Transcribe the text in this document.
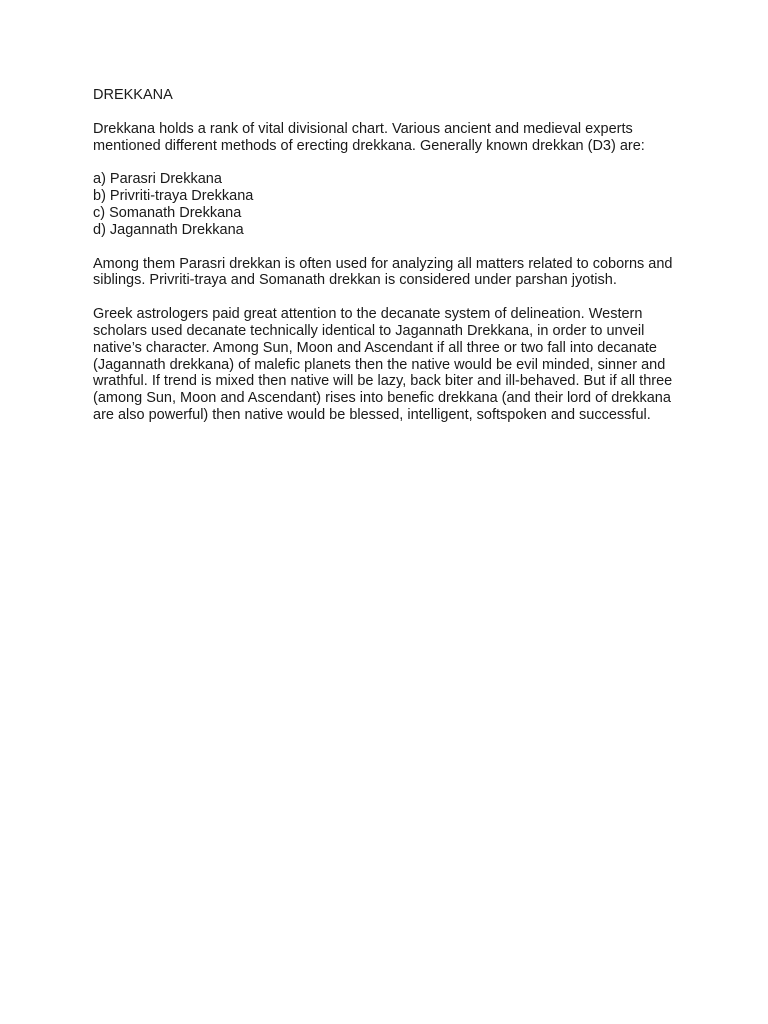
DREKKANA

Drekkana holds a rank of vital divisional chart. Various ancient and medieval experts mentioned different methods of erecting drekkana. Generally known drekkan (D3) are:

a) Parasri Drekkana
b) Privriti-traya Drekkana
c) Somanath Drekkana
d) Jagannath Drekkana

Among them Parasri drekkan is often used for analyzing all matters related to coborns and siblings. Privriti-traya and Somanath drekkan is considered under parshan jyotish.

Greek astrologers paid great attention to the decanate system of delineation. Western scholars used decanate technically identical to Jagannath Drekkana, in order to unveil native’s character. Among Sun, Moon and Ascendant if all three or two fall into decanate (Jagannath drekkana) of malefic planets then the native would be evil minded, sinner and wrathful. If trend is mixed then native will be lazy, back biter and ill-behaved. But if all three (among Sun, Moon and Ascendant) rises into benefic drekkana (and their lord of drekkana are also powerful) then native would be blessed, intelligent, softspoken and successful.
